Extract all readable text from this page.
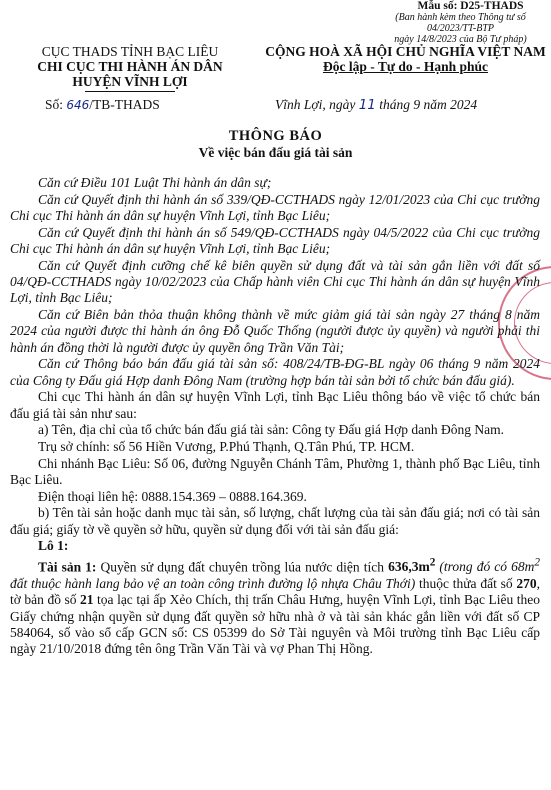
Mẫu số: D25-THADS
(Ban hành kèm theo Thông tư số 04/2023/TT-BTP
ngày 14/8/2023 của Bộ Tư pháp)
CỤC THADS TỈNH BẠC LIÊU
CHI CỤC THI HÀNH ÁN DÂN
HUYỆN VĨNH LỢI
CỘNG HOÀ XÃ HỘI CHỦ NGHĨA VIỆT NAM
Độc lập - Tự do - Hạnh phúc
Số: 646/TB-THADS	Vĩnh Lợi, ngày 11 tháng 9 năm 2024
THÔNG BÁO
Về việc bán đấu giá tài sản

Căn cứ Điều 101 Luật Thi hành án dân sự;

Căn cứ Quyết định thi hành án số 339/QĐ-CCTHADS ngày 12/01/2023 của Chi cục trưởng Chi cục Thi hành án dân sự huyện Vĩnh Lợi, tỉnh Bạc Liêu;

Căn cứ Quyết định thi hành án số 549/QĐ-CCTHADS ngày 04/5/2022 của Chi cục trưởng Chi cục Thi hành án dân sự huyện Vĩnh Lợi, tỉnh Bạc Liêu;

Căn cứ Quyết định cưỡng chế kê biên quyền sử dụng đất và tài sản gắn liền với đất số 04/QĐ-CCTHADS ngày 10/02/2023 của Chấp hành viên Chi cục Thi hành án dân sự huyện Vĩnh Lợi, tỉnh Bạc Liêu;

Căn cứ Biên bản thỏa thuận không thành về mức giảm giá tài sản ngày 27 tháng 8 năm 2024 của người được thi hành án ông Đỗ Quốc Thống (người được ủy quyền) và người phải thi hành án đồng thời là người được ủy quyền ông Trần Văn Tài;

Căn cứ Thông báo bán đấu giá tài sản số: 408/24/TB-ĐG-BL ngày 06 tháng 9 năm 2024 của Công ty Đấu giá Hợp danh Đông Nam (trường hợp bán tài sản bởi tổ chức bán đấu giá).

Chi cục Thi hành án dân sự huyện Vĩnh Lợi, tỉnh Bạc Liêu thông báo về việc tổ chức bán đấu giá tài sản như sau:

a) Tên, địa chỉ của tổ chức bán đấu giá tài sản: Công ty Đấu giá Hợp danh Đông Nam.

Trụ sở chính: số 56 Hiền Vương, P.Phú Thạnh, Q.Tân Phú, TP. HCM.

Chi nhánh Bạc Liêu: Số 06, đường Nguyễn Chánh Tâm, Phường 1, thành phố Bạc Liêu, tỉnh Bạc Liêu.

Điện thoại liên hệ: 0888.154.369 – 0888.164.369.

b) Tên tài sản hoặc danh mục tài sản, số lượng, chất lượng của tài sản đấu giá; nơi có tài sản đấu giá; giấy tờ về quyền sở hữu, quyền sử dụng đối với tài sản đấu giá:

Lô 1:

Tài sản 1: Quyền sử dụng đất chuyên trồng lúa nước diện tích $636,3m^2$ (trong đó có $68m^2$ đất thuộc hành lang bảo vệ an toàn công trình đường lộ nhựa Châu Thới) thuộc thửa đất số 270, tờ bản đồ số 21 tọa lạc tại ấp Xẻo Chích, thị trấn Châu Hưng, huyện Vĩnh Lợi, tỉnh Bạc Liêu theo Giấy chứng nhận quyền sử dụng đất quyền sở hữu nhà ở và tài sản khác gắn liền với đất số CP 584064, số vào sổ cấp GCN số: CS 05399 do Sở Tài nguyên và Môi trường tỉnh Bạc Liêu cấp ngày 21/10/2018 đứng tên ông Trần Văn Tài và vợ Phan Thị Hồng.
